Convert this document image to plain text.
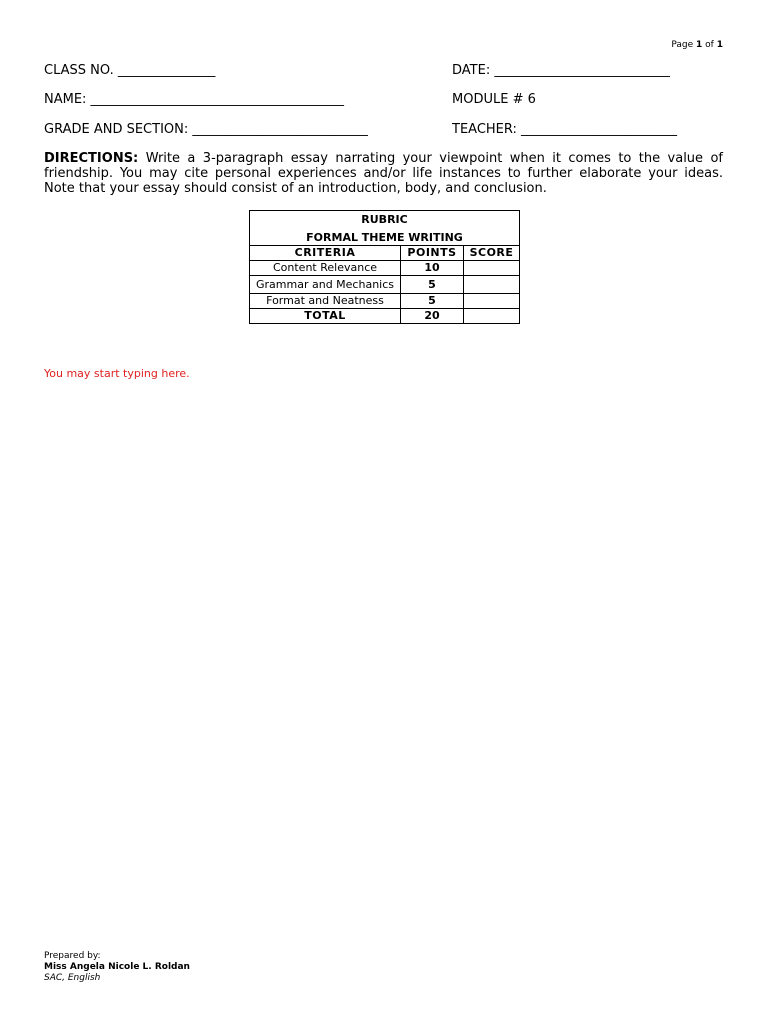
Page 1 of 1
CLASS NO. _______________	DATE: ___________________________
NAME: _______________________________________	MODULE # 6
GRADE AND SECTION: ___________________________	TEACHER: ________________________
DIRECTIONS: Write a 3-paragraph essay narrating your viewpoint when it comes to the value of friendship. You may cite personal experiences and/or life instances to further elaborate your ideas. Note that your essay should consist of an introduction, body, and conclusion.
RUBRIC		
FORMAL THEME WRITING		
CRITERIA	POINTS	SCORE
Content Relevance	10	
Grammar and Mechanics	5	
Format and Neatness	5	
TOTAL	20	
You may start typing here.
Prepared by:
Miss Angela Nicole L. Roldan
SAC, English
